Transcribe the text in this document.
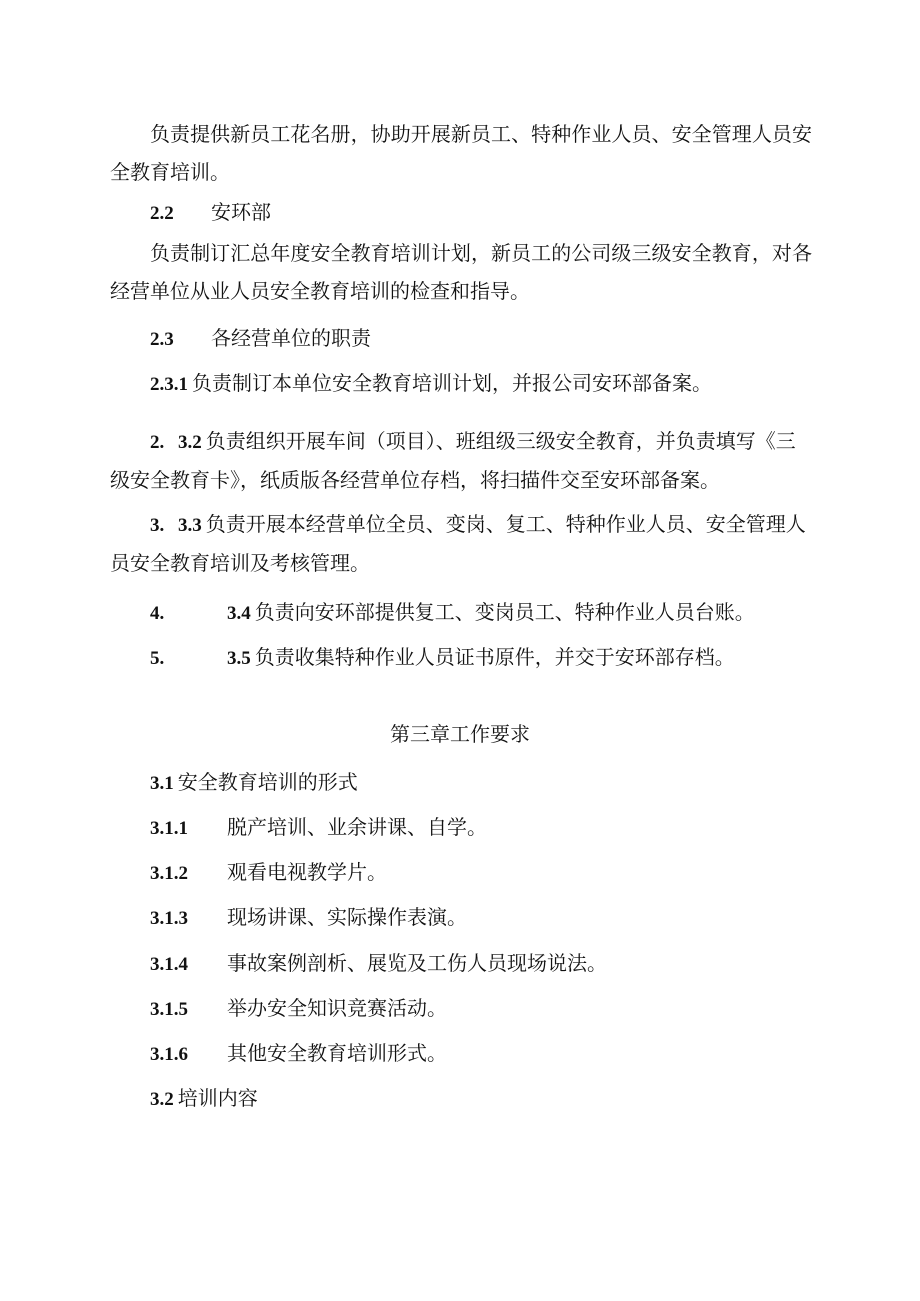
负责提供新员工花名册，协助开展新员工、特种作业人员、安全管理人员安
全教育培训。
2.2 安环部
负责制订汇总年度安全教育培训计划，新员工的公司级三级安全教育，对各
经营单位从业人员安全教育培训的检查和指导。
2.3 各经营单位的职责
2.3.1 负责制订本单位安全教育培训计划，并报公司安环部备案。
2. 3.2 负责组织开展车间（项目）、班组级三级安全教育，并负责填写《三
级安全教育卡》，纸质版各经营单位存档，将扫描件交至安环部备案。
3. 3.3 负责开展本经营单位全员、变岗、复工、特种作业人员、安全管理人
员安全教育培训及考核管理。
4.	3.4 负责向安环部提供复工、变岗员工、特种作业人员台账。
5.	3.5 负责收集特种作业人员证书原件，并交于安环部存档。
第三章工作要求
3.1 安全教育培训的形式
3.1.1 脱产培训、业余讲课、自学。
3.1.2 观看电视教学片。
3.1.3 现场讲课、实际操作表演。
3.1.4 事故案例剖析、展览及工伤人员现场说法。
3.1.5 举办安全知识竞赛活动。
3.1.6 其他安全教育培训形式。
3.2 培训内容
